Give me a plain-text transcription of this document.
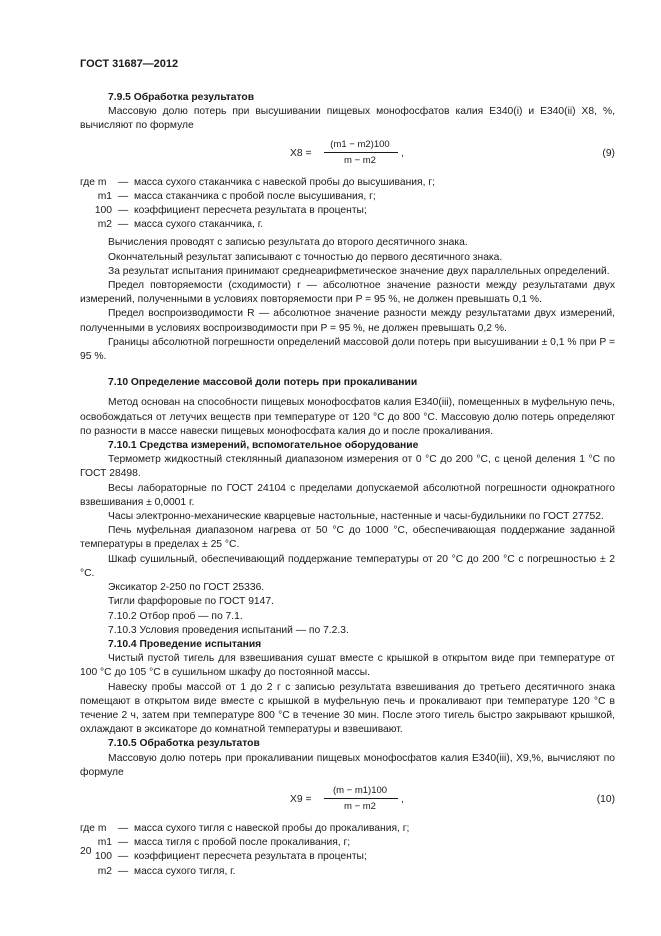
ГОСТ 31687—2012

7.9.5 Обработка результатов

Массовую долю потерь при высушивании пищевых монофосфатов калия Е340(i) и Е340(ii) X8, %, вычисляют по формуле

X8 =
(m1 − m2)100
m − m2
,	(9)
где m	— масса сухого стаканчика с навеской пробы до высушивания, г;
m1 — масса стаканчика с пробой после высушивания, г;
100 — коэффициент пересчета результата в проценты;
m2 — масса сухого стаканчика, г.

Вычисления проводят с записью результата до второго десятичного знака.

Окончательный результат записывают с точностью до первого десятичного знака.

За результат испытания принимают среднеарифметическое значение двух параллельных определений.

Предел повторяемости (сходимости) r — абсолютное значение разности между результатами двух измерений, полученными в условиях повторяемости при P = 95 %, не должен превышать 0,1 %.

Предел воспроизводимости R — абсолютное значение разности между результатами двух измерений, полученными в условиях воспроизводимости при P = 95 %, не должен превышать 0,2 %.

Границы абсолютной погрешности определений массовой доли потерь при высушивании ± 0,1 % при P = 95 %.

7.10 Определение массовой доли потерь при прокаливании

Метод основан на способности пищевых монофосфатов калия Е340(iii), помещенных в муфельную печь, освобождаться от летучих веществ при температуре от 120 °С до 800 °С. Массовую долю потерь определяют по разности в массе навески пищевых монофосфата калия до и после прокаливания.

7.10.1 Средства измерений, вспомогательное оборудование

Термометр жидкостный стеклянный диапазоном измерения от 0 °С до 200 °С, с ценой деления 1 °С по ГОСТ 28498.

Весы лабораторные по ГОСТ 24104 с пределами допускаемой абсолютной погрешности однократного взвешивания ± 0,0001 г.

Часы электронно-механические кварцевые настольные, настенные и часы-будильники по ГОСТ 27752.

Печь муфельная диапазоном нагрева от 50 °С до 1000 °С, обеспечивающая поддержание заданной температуры в пределах ± 25 °С.

Шкаф сушильный, обеспечивающий поддержание температуры от 20 °С до 200 °С с погрешностью ± 2 °С.

Эксикатор 2-250 по ГОСТ 25336.

Тигли фарфоровые по ГОСТ 9147.

7.10.2 Отбор проб — по 7.1.

7.10.3 Условия проведения испытаний — по 7.2.3.

7.10.4 Проведение испытания

Чистый пустой тигель для взвешивания сушат вместе с крышкой в открытом виде при температуре от 100 °С до 105 °С в сушильном шкафу до постоянной массы.

Навеску пробы массой от 1 до 2 г с записью результата взвешивания до третьего десятичного знака помещают в открытом виде вместе с крышкой в муфельную печь и прокаливают при температуре 120 °С в течение 2 ч, затем при температуре 800 °С в течение 30 мин. После этого тигель быстро закрывают крышкой, охлаждают в эксикаторе до комнатной температуры и взвешивают.

7.10.5 Обработка результатов

Массовую долю потерь при прокаливании пищевых монофосфатов калия Е340(iii), X9,%, вычисляют по формуле

X9 =
(m − m1)100
m − m2
,	(10)
где m	— масса сухого тигля с навеской пробы до прокаливания, г;
m1 — масса тигля с пробой после прокаливания, г;
100 — коэффициент пересчета результата в проценты;
m2 — масса сухого тигля, г.
20
